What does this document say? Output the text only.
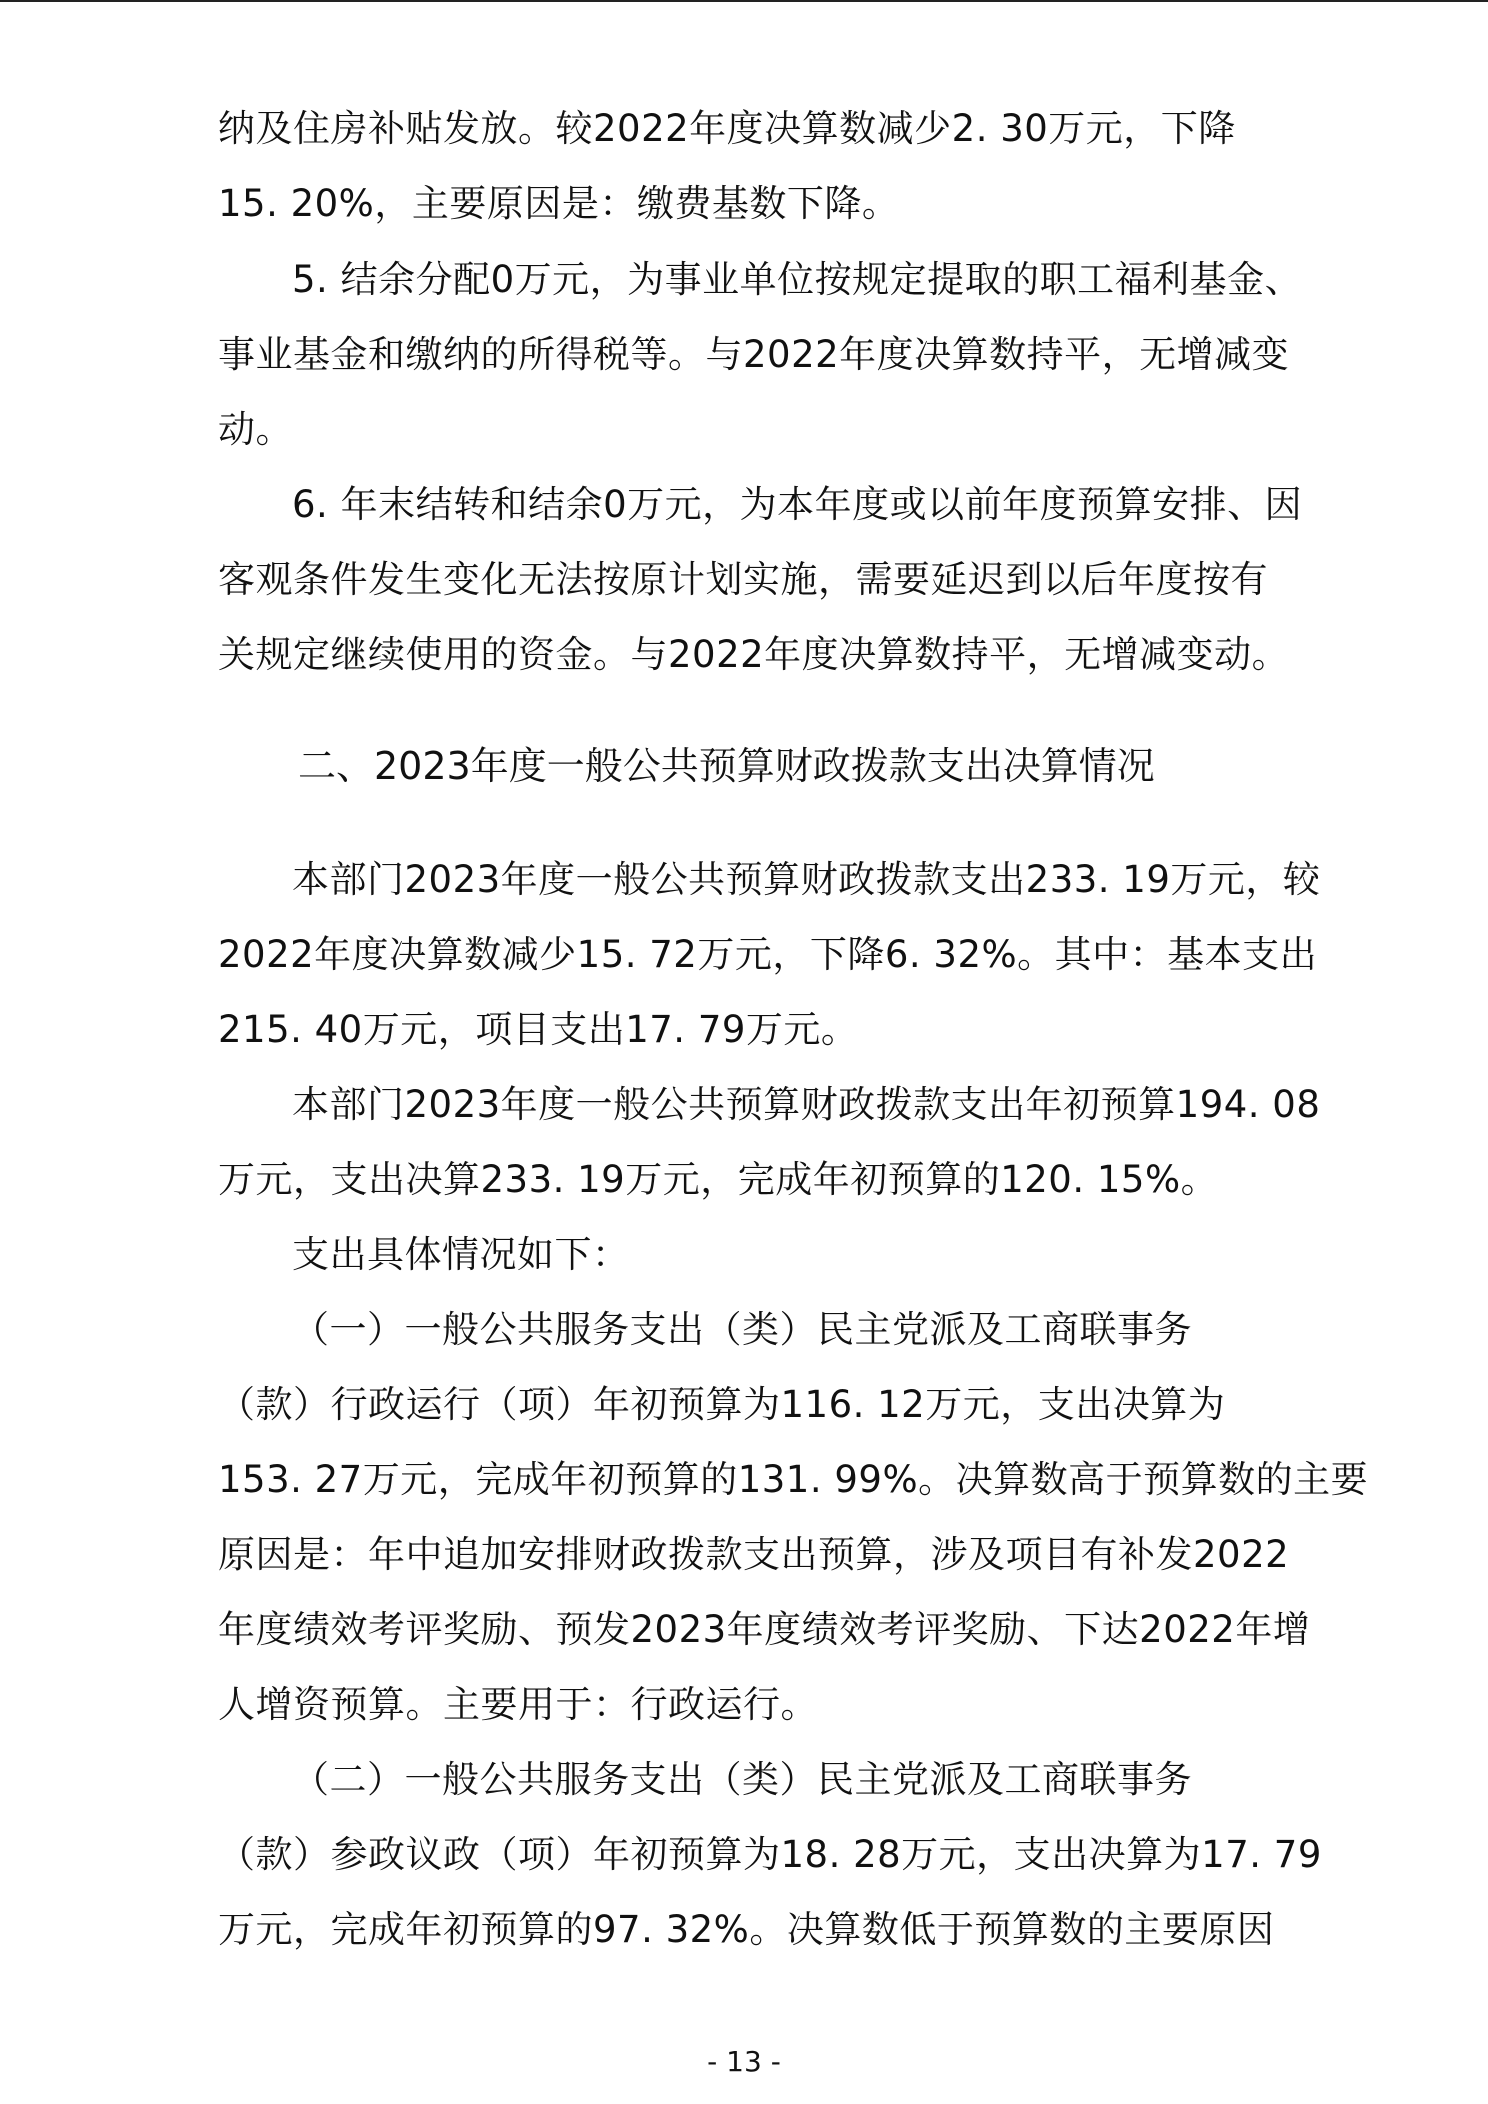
纳及住房补贴发放。较2022年度决算数减少2. 30万元，下降
15. 20%，主要原因是：缴费基数下降。
5. 结余分配0万元，为事业单位按规定提取的职工福利基金、
事业基金和缴纳的所得税等。与2022年度决算数持平，无增减变
动。
6. 年末结转和结余0万元，为本年度或以前年度预算安排、因
客观条件发生变化无法按原计划实施，需要延迟到以后年度按有
关规定继续使用的资金。与2022年度决算数持平，无增减变动。
二、2023年度一般公共预算财政拨款支出决算情况
本部门2023年度一般公共预算财政拨款支出233. 19万元，较
2022年度决算数减少15. 72万元，下降6. 32%。其中：基本支出
215. 40万元，项目支出17. 79万元。
本部门2023年度一般公共预算财政拨款支出年初预算194. 08
万元，支出决算233. 19万元，完成年初预算的120. 15%。
支出具体情况如下：
（一）一般公共服务支出（类）民主党派及工商联事务
（款）行政运行（项）年初预算为116. 12万元，支出决算为
153. 27万元，完成年初预算的131. 99%。决算数高于预算数的主要
原因是：年中追加安排财政拨款支出预算，涉及项目有补发2022
年度绩效考评奖励、预发2023年度绩效考评奖励、下达2022年增
人增资预算。主要用于：行政运行。
（二）一般公共服务支出（类）民主党派及工商联事务
（款）参政议政（项）年初预算为18. 28万元，支出决算为17. 79
万元，完成年初预算的97. 32%。决算数低于预算数的主要原因
- 13 -
